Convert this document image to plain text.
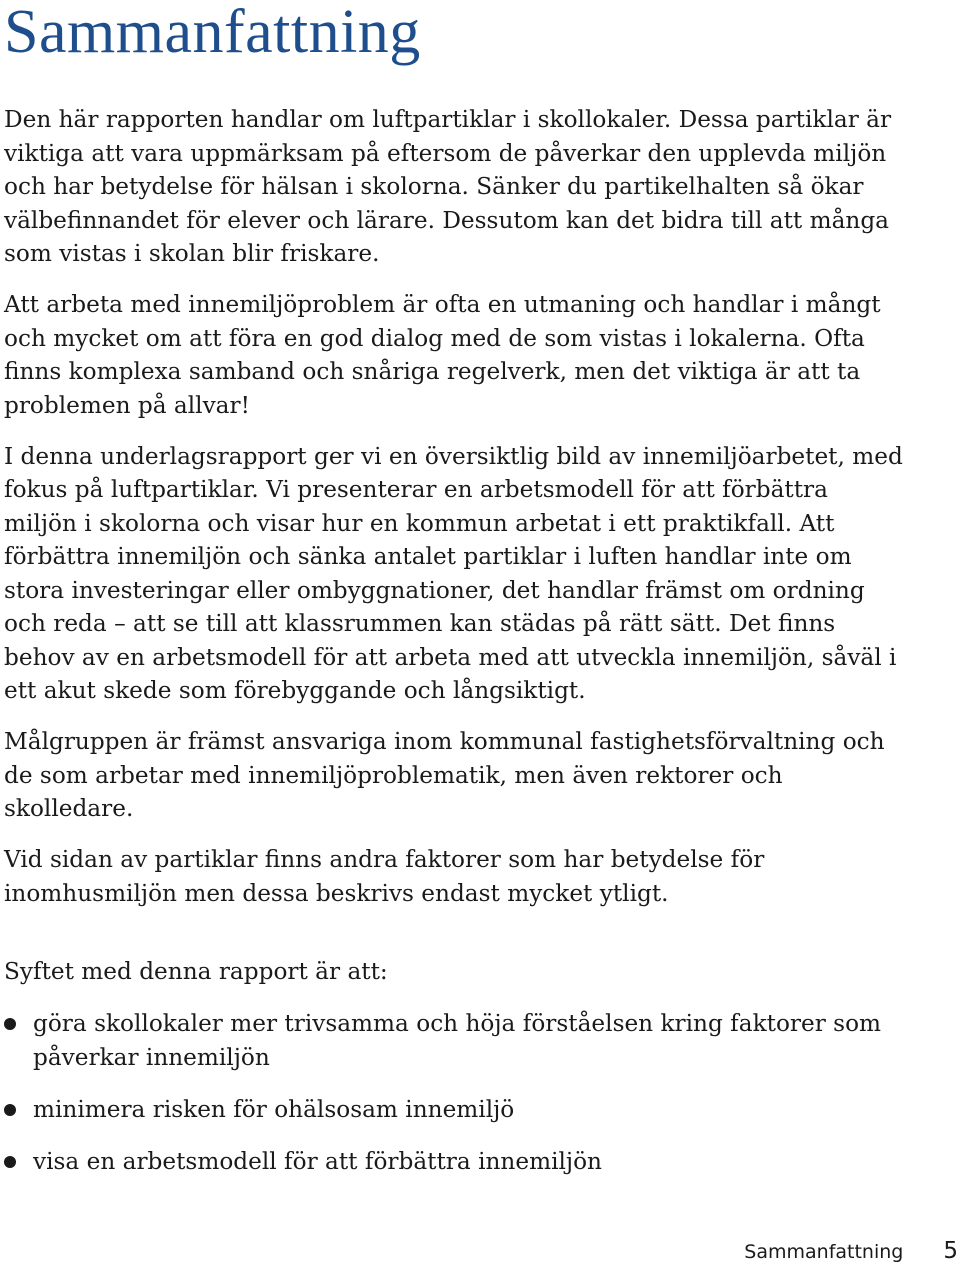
Sammanfattning

Den här rapporten handlar om luftpartiklar i skollokaler. Dessa partiklar är viktiga att vara uppmärksam på eftersom de påverkar den upplevda miljön och har betydelse för hälsan i skolorna. Sänker du partikelhalten så ökar välbefinnandet för elever och lärare. Dessutom kan det bidra till att många som vistas i skolan blir friskare.

Att arbeta med innemiljöproblem är ofta en utmaning och handlar i mångt och mycket om att föra en god dialog med de som vistas i lokalerna. Ofta finns komplexa samband och snåriga regelverk, men det viktiga är att ta problemen på allvar!

I denna underlagsrapport ger vi en översiktlig bild av innemiljöarbetet, med fokus på luftpartiklar. Vi presenterar en arbetsmodell för att förbättra miljön i skolorna och visar hur en kommun arbetat i ett praktikfall. Att förbättra innemiljön och sänka antalet partiklar i luften handlar inte om stora investeringar eller ombyggnationer, det handlar främst om ordning och reda – att se till att klassrummen kan städas på rätt sätt. Det finns behov av en arbetsmodell för att arbeta med att utveckla innemiljön, såväl i ett akut skede som förebyggande och långsiktigt.

Målgruppen är främst ansvariga inom kommunal fastighetsförvaltning och de som arbetar med innemiljöproblematik, men även rektorer och skolledare.

Vid sidan av partiklar finns andra faktorer som har betydelse för inomhusmiljön men dessa beskrivs endast mycket ytligt.

Syftet med denna rapport är att:

göra skollokaler mer trivsamma och höja förståelsen kring faktorer som påverkar innemiljön
minimera risken för ohälsosam innemiljö
visa en arbetsmodell för att förbättra innemiljön
Sammanfattning 5
